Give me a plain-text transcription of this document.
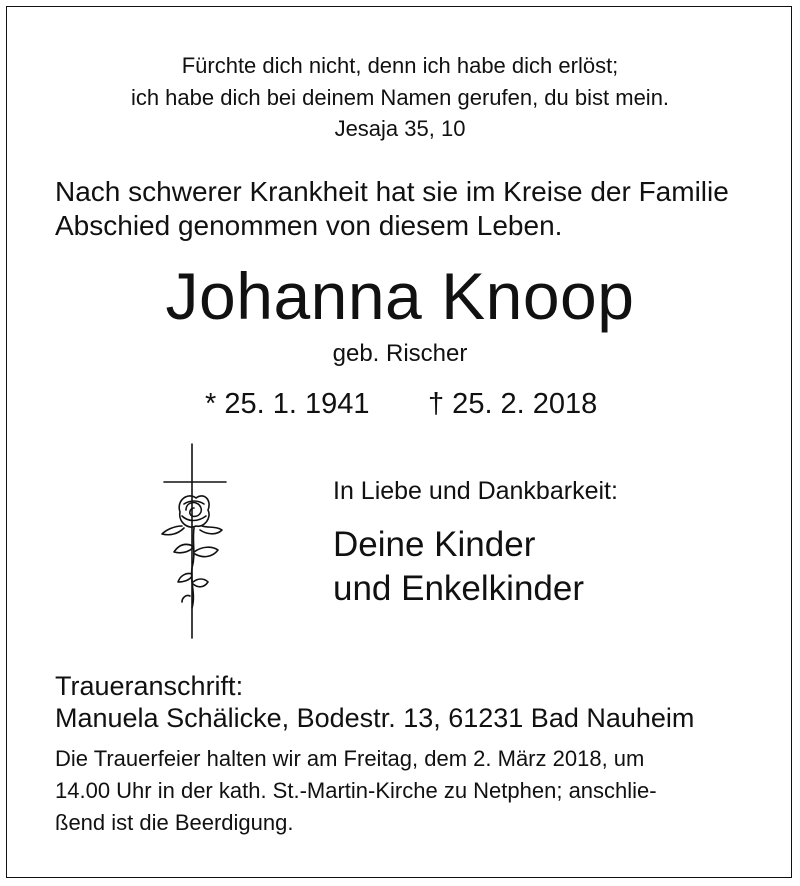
Fürchte dich nicht, denn ich habe dich erlöst;
ich habe dich bei deinem Namen gerufen, du bist mein.
Jesaja 35, 10
Nach schwerer Krankheit hat sie im Kreise der Familie
Abschied genommen von diesem Leben.
Johanna Knoop
geb. Rischer
* 25. 1. 1941 † 25. 2. 2018
In Liebe und Dankbarkeit:
Deine Kinder
und Enkelkinder
Traueranschrift:
Manuela Schälicke, Bodestr. 13, 61231 Bad Nauheim
Die Trauerfeier halten wir am Freitag, dem 2. März 2018, um
14.00 Uhr in der kath. St.-Martin-Kirche zu Netphen; anschlie-
ßend ist die Beerdigung.
